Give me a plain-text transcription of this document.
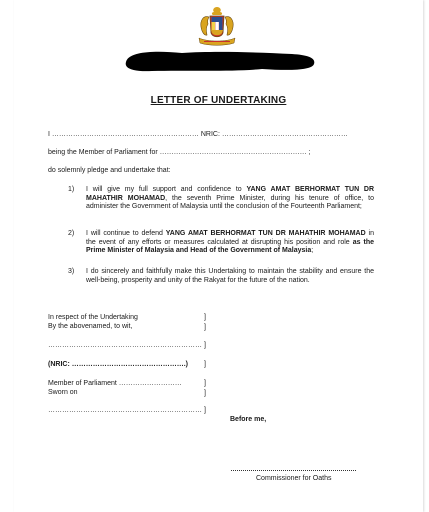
LETTER OF UNDERTAKING
I ……………………………………………………… NRIC: ………………………………………………
being the Member of Parliament for ……………………………………………………… ;
do solemnly pledge and undertake that:
1) I will give my full support and confidence to YANG AMAT BERHORMAT TUN DR MAHATHIR MOHAMAD, the seventh Prime Minister, during his tenure of office, to administer the Government of Malaysia until the conclusion of the Fourteenth Parliament;
2) I will continue to defend YANG AMAT BERHORMAT TUN DR MAHATHIR MOHAMAD in the event of any efforts or measures calculated at disrupting his position and role as the Prime Minister of Malaysia and Head of the Government of Malaysia;
3) I do sincerely and faithfully make this Undertaking to maintain the stability and ensure the well-being, prosperity and unity of the Rakyat for the future of the nation.
In respect of the Undertaking
By the abovenamed, to wit,
]
]
………………………………………………………… ]
(NRIC: ………………………………………….) ]
Member of Parliament ………………………
Sworn on
]
]
………………………………………………………… ]
Before me,
Commissioner for Oaths
